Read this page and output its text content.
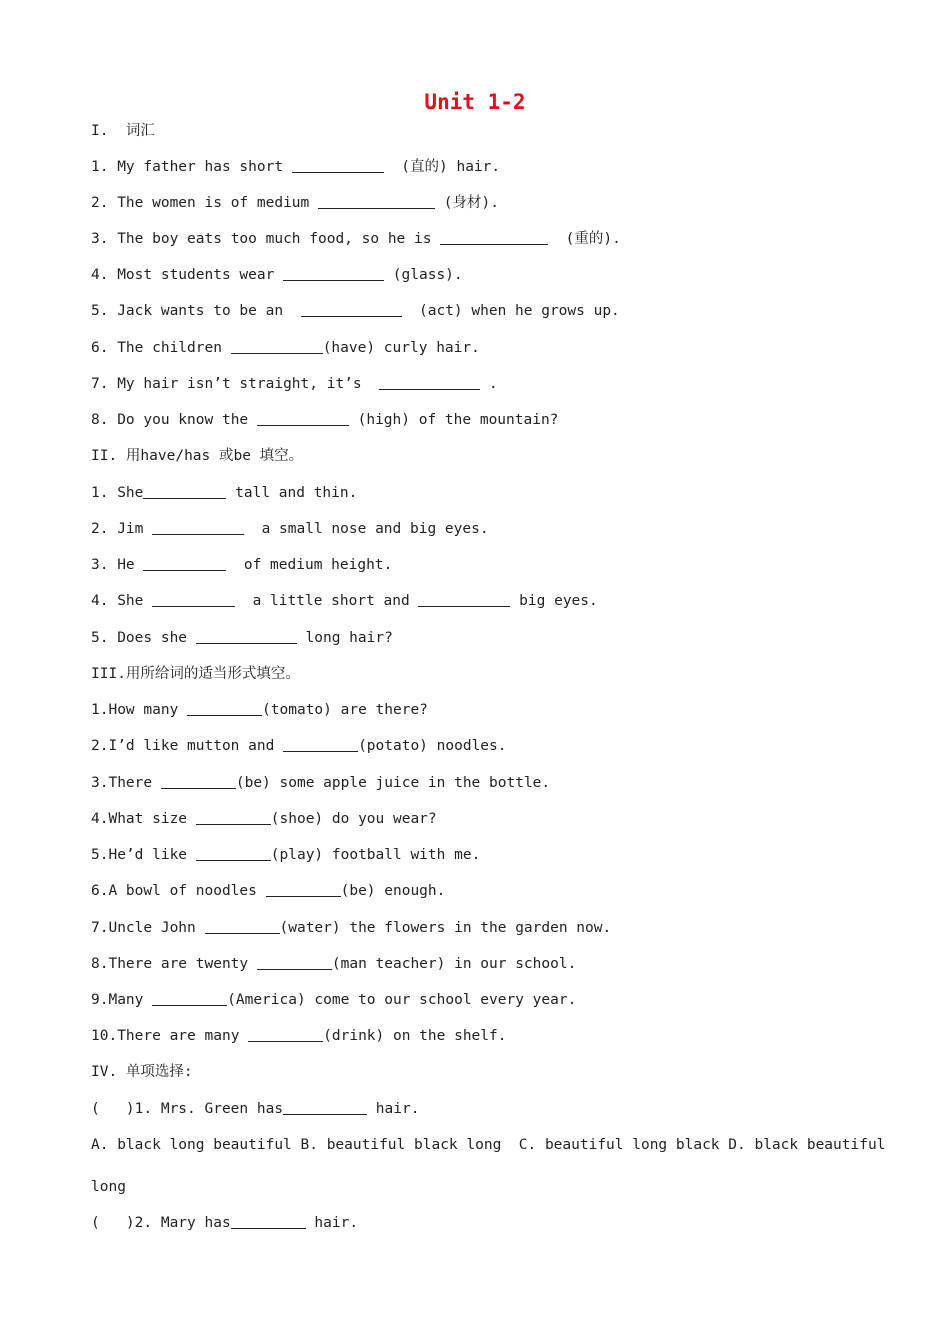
Unit 1-2
I.  词汇
1. My father has short	(直的) hair.
2. The women is of medium	(身材).
3. The boy eats too much food, so he is	(重的).
4. Most students wear	(glass).
5. Jack wants to be an	(act) when he grows up.
6. The children	(have) curly hair.
7. My hair isn’t straight, it’s	.
8. Do you know the	(high) of the mountain?
II. 用have/has 或be 填空。
1. She	tall and thin.
2. Jim	a small nose and big eyes.
3. He	of medium height.
4. She	a little short and	big eyes.
5. Does she	long hair?
III.用所给词的适当形式填空。
1.How many	(tomato) are there?
2.I’d like mutton and	(potato) noodles.
3.There	(be) some apple juice in the bottle.
4.What size	(shoe) do you wear?
5.He’d like	(play) football with me.
6.A bowl of noodles	(be) enough.
7.Uncle John	(water) the flowers in the garden now.
8.There are twenty	(man teacher) in our school.
9.Many	(America) come to our school every year.
10.There are many	(drink) on the shelf.
IV. 单项选择:
(   )1. Mrs. Green has	hair.
A. black long beautiful B. beautiful black long  C. beautiful long black D. black beautiful
long
(   )2. Mary has	hair.
